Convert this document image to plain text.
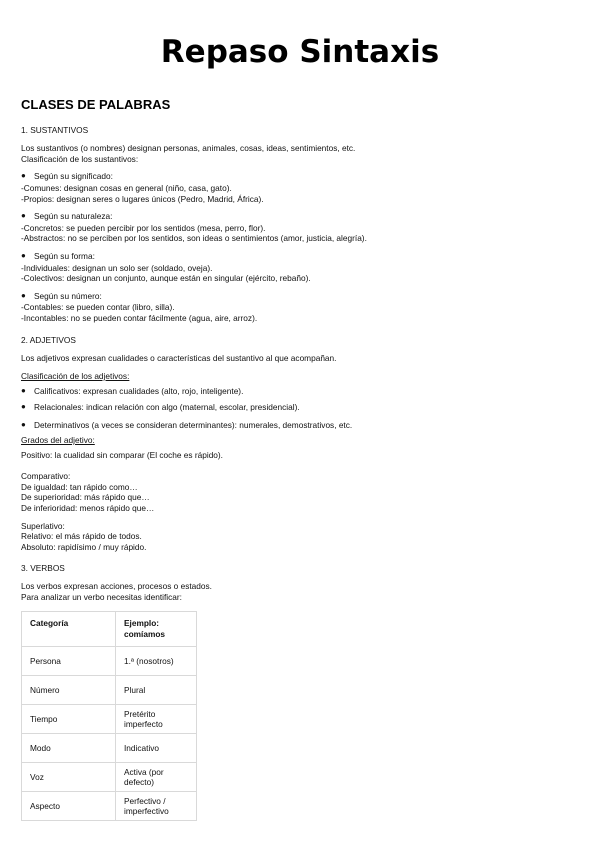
Repaso Sintaxis
CLASES DE PALABRAS
1. SUSTANTIVOS

Los sustantivos (o nombres) designan personas, animales, cosas, ideas, sentimientos, etc.

Clasificación de los sustantivos:

● Según su significado:

-Comunes: designan cosas en general (niño, casa, gato).

-Propios: designan seres o lugares únicos (Pedro, Madrid, África).

● Según su naturaleza:

-Concretos: se pueden percibir por los sentidos (mesa, perro, flor).

-Abstractos: no se perciben por los sentidos, son ideas o sentimientos (amor, justicia, alegría).

● Según su forma:

-Individuales: designan un solo ser (soldado, oveja).

-Colectivos: designan un conjunto, aunque están en singular (ejército, rebaño).

● Según su número:

-Contables: se pueden contar (libro, silla).

-Incontables: no se pueden contar fácilmente (agua, aire, arroz).

2. ADJETIVOS

Los adjetivos expresan cualidades o características del sustantivo al que acompañan.

Clasificación de los adjetivos:

● Calificativos: expresan cualidades (alto, rojo, inteligente).
● Relacionales: indican relación con algo (maternal, escolar, presidencial).
● Determinativos (a veces se consideran determinantes): numerales, demostrativos, etc.

Grados del adjetivo:

Positivo: la cualidad sin comparar (El coche es rápido).

Comparativo:

De igualdad: tan rápido como…

De superioridad: más rápido que…

De inferioridad: menos rápido que…

Superlativo:

Relativo: el más rápido de todos.

Absoluto: rapidísimo / muy rápido.

3. VERBOS

Los verbos expresan acciones, procesos o estados.

Para analizar un verbo necesitas identificar:

Categoría	Ejemplo: comíamos
Persona	1.ª (nosotros)
Número	Plural
Tiempo	Pretérito imperfecto
Modo	Indicativo
Voz	Activa (por defecto)
Aspecto	Perfectivo / imperfectivo
